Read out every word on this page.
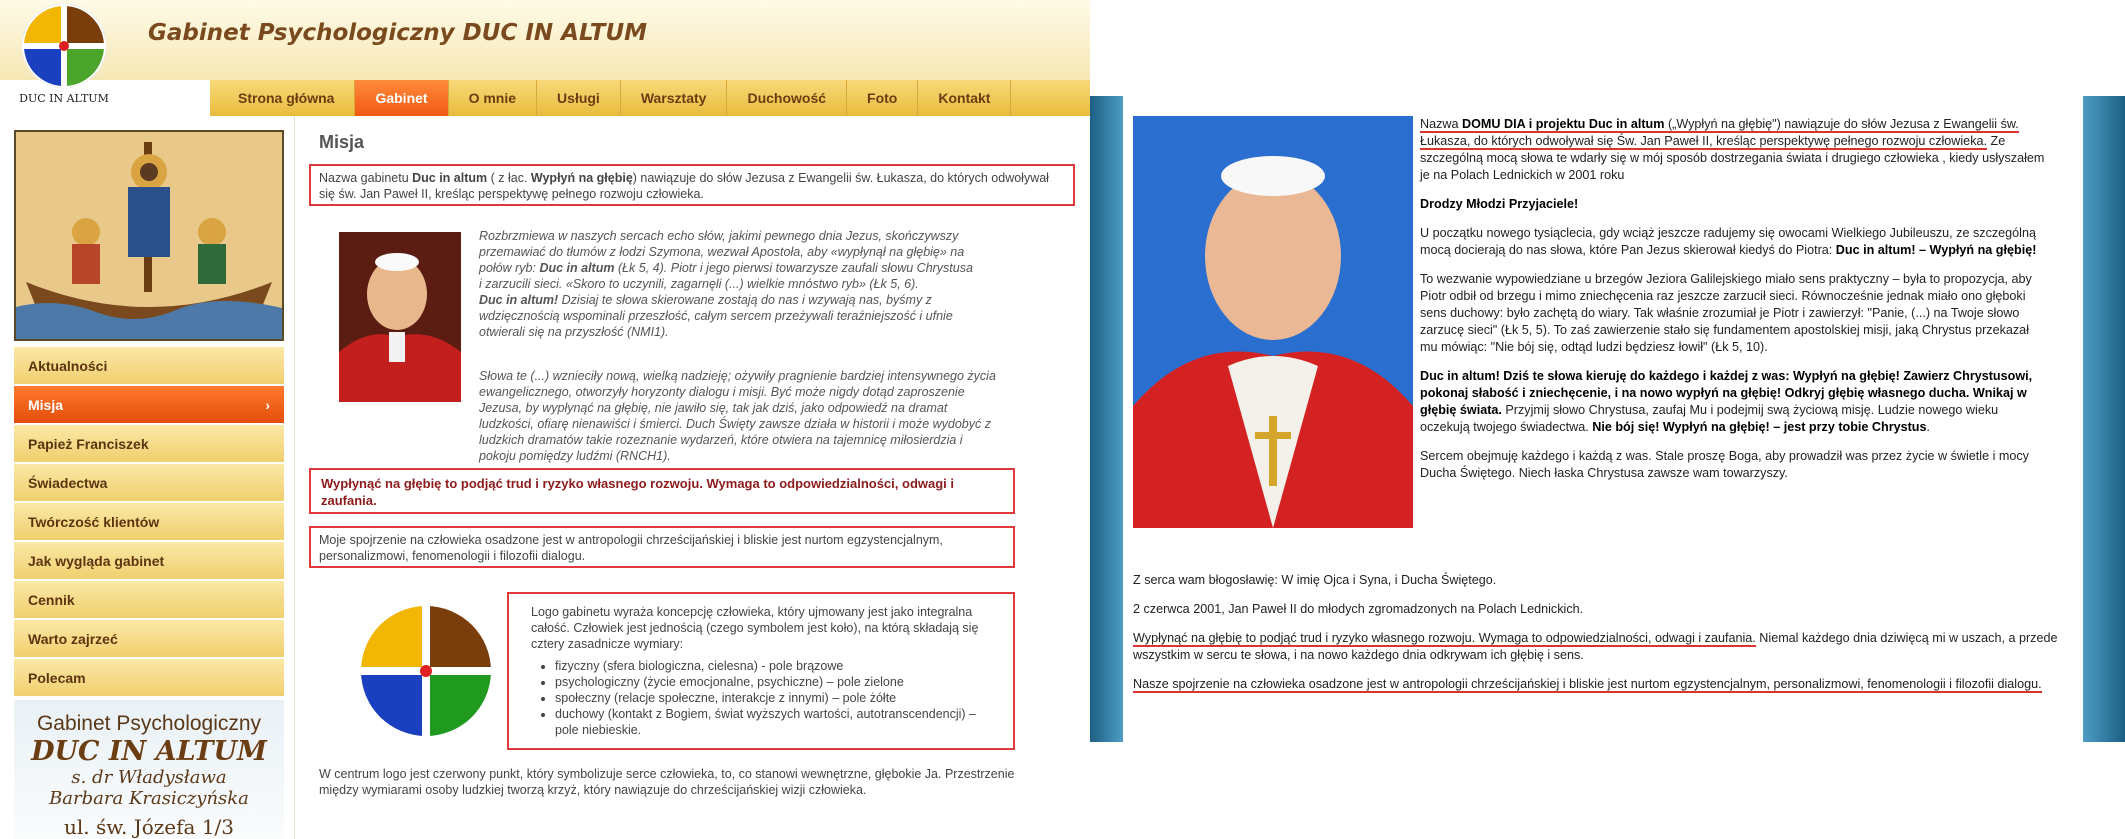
DUC IN ALTUM
Gabinet Psychologiczny DUC IN ALTUM
Strona główna	Gabinet	O mnie	Usługi	Warsztaty	Duchowość	Foto	Kontakt
Aktualności
Misja	›
Papież Franciszek
Świadectwa
Twórczość klientów
Jak wygląda gabinet
Cennik
Warto zajrzeć
Polecam
Gabinet Psychologiczny
DUC IN ALTUM
s. dr Władysława
Barbara Krasiczyńska
ul. św. Józefa 1/3
Misja
Nazwa gabinetu Duc in altum ( z łac. Wypłyń na głębię) nawiązuje do słów Jezusa z Ewangelii św. Łukasza, do których odwoływał się św. Jan Paweł II, kreśląc perspektywę pełnego rozwoju człowieka.

Rozbrzmiewa w naszych sercach echo słów, jakimi pewnego dnia Jezus, skończywszy przemawiać do tłumów z łodzi Szymona, wezwał Apostoła, aby «wypłynął na głębię» na połów ryb: Duc in altum (Łk 5, 4). Piotr i jego pierwsi towarzysze zaufali słowu Chrystusa i zarzucili sieci. «Skoro to uczynili, zagarnęli (...) wielkie mnóstwo ryb» (Łk 5, 6).

Duc in altum! Dzisiaj te słowa skierowane zostają do nas i wzywają nas, byśmy z wdzięcznością wspominali przeszłość, całym sercem przeżywali teraźniejszość i ufnie otwierali się na przyszłość (NMI1).

Słowa te (...) wznieciły nową, wielką nadzieję; ożywiły pragnienie bardziej intensywnego życia ewangelicznego, otworzyły horyzonty dialogu i misji. Być może nigdy dotąd zaproszenie Jezusa, by wypłynąć na głębię, nie jawiło się, tak jak dziś, jako odpowiedź na dramat ludzkości, ofiarę nienawiści i śmierci. Duch Święty zawsze działa w historii i może wydobyć z ludzkich dramatów takie rozeznanie wydarzeń, które otwiera na tajemnicę miłosierdzia i pokoju pomiędzy ludźmi (RNCH1).

Wypłynąć na głębię to podjąć trud i ryzyko własnego rozwoju. Wymaga to odpowiedzialności, odwagi i zaufania.
Moje spojrzenie na człowieka osadzone jest w antropologii chrześcijańskiej i bliskie jest nurtom egzystencjalnym, personalizmowi, fenomenologii i filozofii dialogu.

Logo gabinetu wyraża koncepcję człowieka, który ujmowany jest jako integralna całość. Człowiek jest jednością (czego symbolem jest koło), na którą składają się cztery zasadnicze wymiary:

• fizyczny (sfera biologiczna, cielesna) - pole brązowe
• psychologiczny (życie emocjonalne, psychiczne) – pole zielone
• społeczny (relacje społeczne, interakcje z innymi) – pole żółte
• duchowy (kontakt z Bogiem, świat wyższych wartości, autotranscendencji) – pole niebieskie.
W centrum logo jest czerwony punkt, który symbolizuje serce człowieka, to, co stanowi wewnętrzne, głębokie Ja. Przestrzenie między wymiarami osoby ludzkiej tworzą krzyż, który nawiązuje do chrześcijańskiej wizji człowieka.

Nazwa DOMU DIA i projektu Duc in altum („Wypłyń na głębię") nawiązuje do słów Jezusa z Ewangelii św. Łukasza, do których odwoływał się Św. Jan Paweł II, kreśląc perspektywę pełnego rozwoju człowieka. Ze szczególną mocą słowa te wdarły się w mój sposób dostrzegania świata i drugiego człowieka , kiedy usłyszałem je na Polach Lednickich w 2001 roku

Drodzy Młodzi Przyjaciele!

U początku nowego tysiąclecia, gdy wciąż jeszcze radujemy się owocami Wielkiego Jubileuszu, ze szczególną mocą docierają do nas słowa, które Pan Jezus skierował kiedyś do Piotra: Duc in altum! – Wypłyń na głębię!

To wezwanie wypowiedziane u brzegów Jeziora Galilejskiego miało sens praktyczny – była to propozycja, aby Piotr odbił od brzegu i mimo zniechęcenia raz jeszcze zarzucił sieci. Równocześnie jednak miało ono głęboki sens duchowy: było zachętą do wiary. Tak właśnie zrozumiał je Piotr i zawierzył: "Panie, (...) na Twoje słowo zarzucę sieci" (Łk 5, 5). To zaś zawierzenie stało się fundamentem apostolskiej misji, jaką Chrystus przekazał mu mówiąc: "Nie bój się, odtąd ludzi będziesz łowił" (Łk 5, 10).

Duc in altum! Dziś te słowa kieruję do każdego i każdej z was: Wypłyń na głębię! Zawierz Chrystusowi, pokonaj słabość i zniechęcenie, i na nowo wypłyń na głębię! Odkryj głębię własnego ducha. Wnikaj w głębię świata. Przyjmij słowo Chrystusa, zaufaj Mu i podejmij swą życiową misję. Ludzie nowego wieku oczekują twojego świadectwa. Nie bój się! Wypłyń na głębię! – jest przy tobie Chrystus.

Sercem obejmuję każdego i każdą z was. Stale proszę Boga, aby prowadził was przez życie w świetle i mocy Ducha Świętego. Niech łaska Chrystusa zawsze wam towarzyszy.

Z serca wam błogosławię: W imię Ojca i Syna, i Ducha Świętego.

2 czerwca 2001, Jan Paweł II do młodych zgromadzonych na Polach Lednickich.

Wypłynąć na głębię to podjąć trud i ryzyko własnego rozwoju. Wymaga to odpowiedzialności, odwagi i zaufania. Niemal każdego dnia dziwięcą mi w uszach, a przede wszystkim w sercu te słowa, i na nowo każdego dnia odkrywam ich głębię i sens.

Nasze spojrzenie na człowieka osadzone jest w antropologii chrześcijańskiej i bliskie jest nurtom egzystencjalnym, personalizmowi, fenomenologii i filozofii dialogu.
